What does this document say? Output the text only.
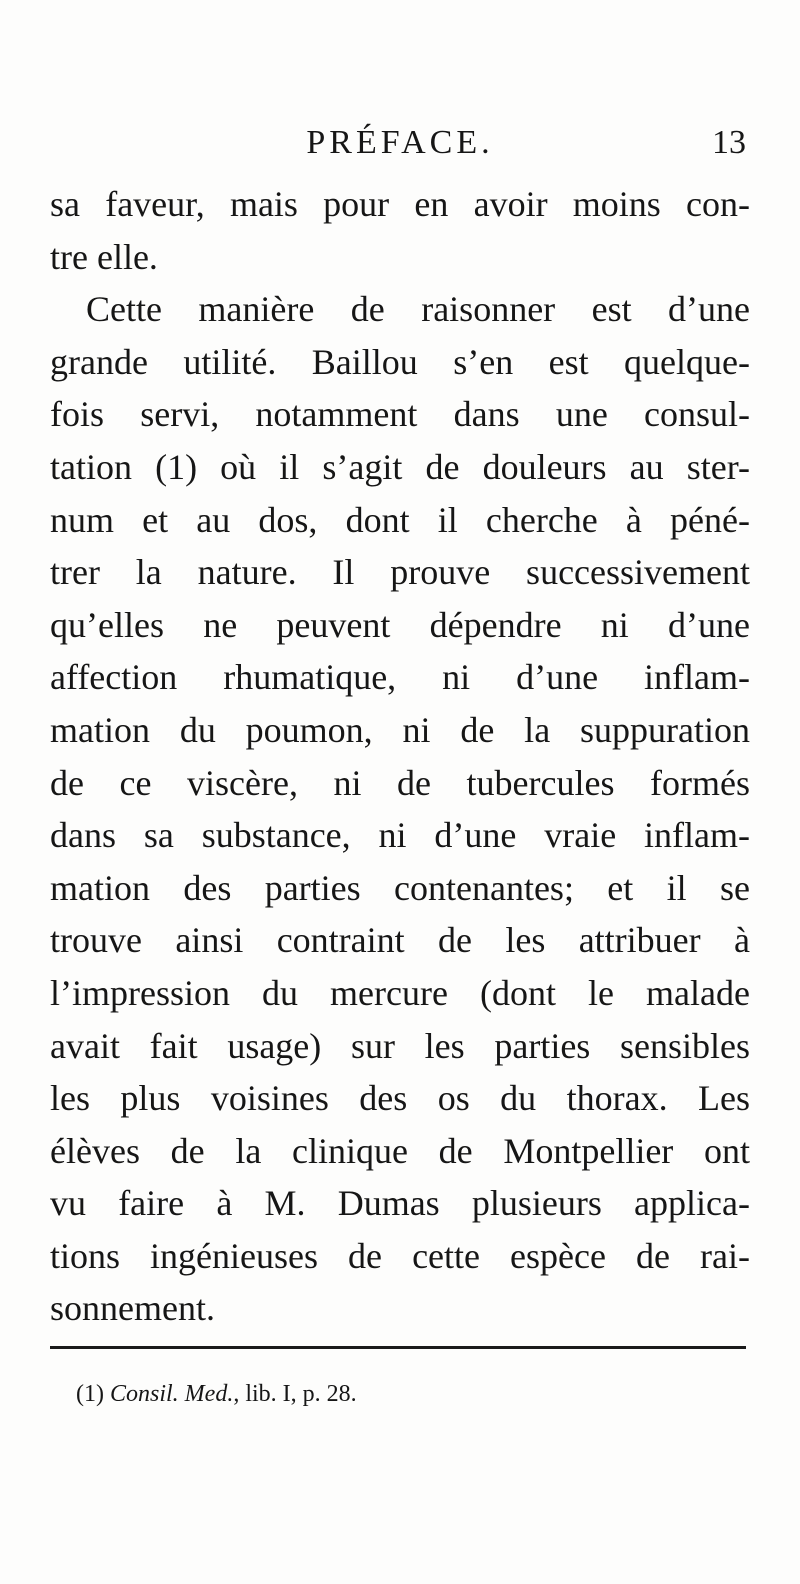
PRÉFACE.	13
sa faveur, mais pour en avoir moins con-
tre elle.
Cette manière de raisonner est d’une
grande utilité. Baillou s’en est quelque-
fois servi, notamment dans une consul-
tation (1) où il s’agit de douleurs au ster-
num et au dos, dont il cherche à péné-
trer la nature. Il prouve successivement
qu’elles ne peuvent dépendre ni d’une
affection rhumatique, ni d’une inflam-
mation du poumon, ni de la suppuration
de ce viscère, ni de tubercules formés
dans sa substance, ni d’une vraie inflam-
mation des parties contenantes; et il se
trouve ainsi contraint de les attribuer à
l’impression du mercure (dont le malade
avait fait usage) sur les parties sensibles
les plus voisines des os du thorax. Les
élèves de la clinique de Montpellier ont
vu faire à M. Dumas plusieurs applica-
tions ingénieuses de cette espèce de rai-
sonnement.
(1) Consil. Med., lib. I, p. 28.
